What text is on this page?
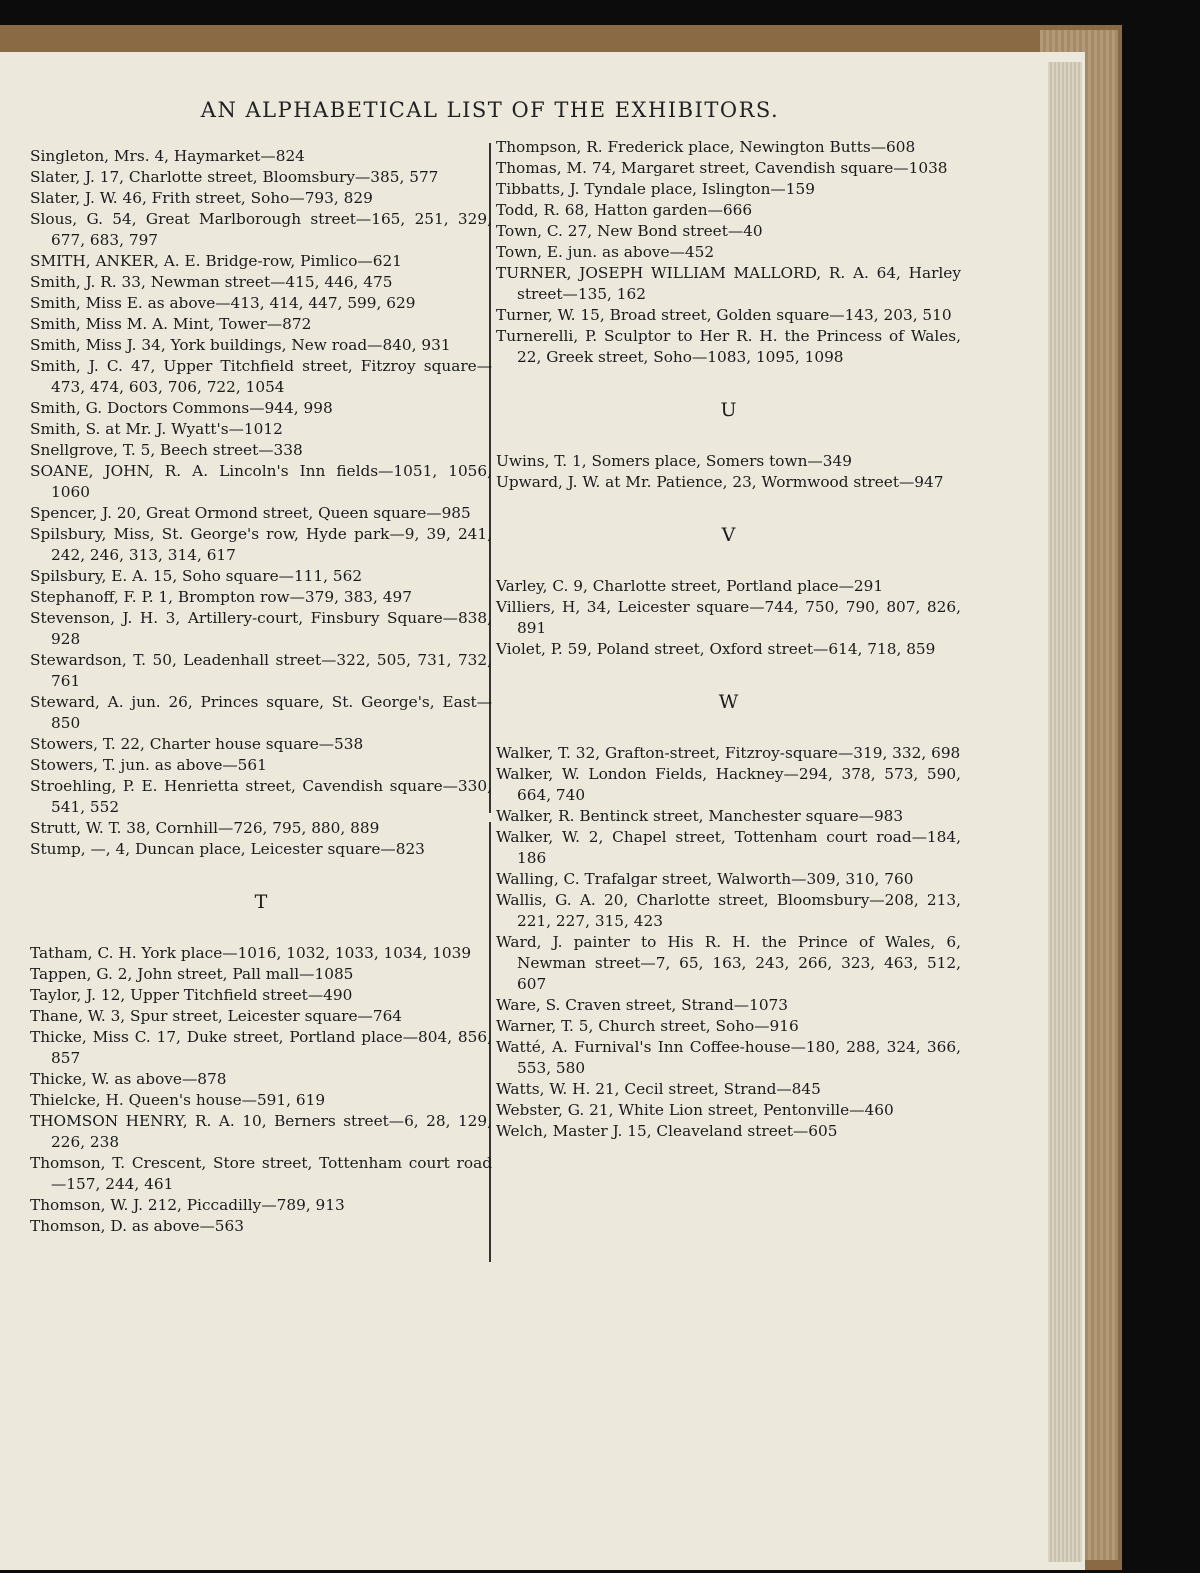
AN ALPHABETICAL LIST OF THE EXHIBITORS.

Singleton, Mrs. 4, Haymarket—824

Slater, J. 17, Charlotte street, Bloomsbury—385, 577

Slater, J. W. 46, Frith street, Soho—793, 829

Slous, G. 54, Great Marlborough street—165, 251, 329, 677, 683, 797

SMITH, ANKER, A. E. Bridge-row, Pimlico—621

Smith, J. R. 33, Newman street—415, 446, 475

Smith, Miss E. as above—413, 414, 447, 599, 629

Smith, Miss M. A. Mint, Tower—872

Smith, Miss J. 34, York buildings, New road—840, 931

Smith, J. C. 47, Upper Titchfield street, Fitzroy square—473, 474, 603, 706, 722, 1054

Smith, G. Doctors Commons—944, 998

Smith, S. at Mr. J. Wyatt's—1012

Snellgrove, T. 5, Beech street—338

SOANE, JOHN, R. A. Lincoln's Inn fields—1051, 1056, 1060

Spencer, J. 20, Great Ormond street, Queen square—985

Spilsbury, Miss, St. George's row, Hyde park—9, 39, 241, 242, 246, 313, 314, 617

Spilsbury, E. A. 15, Soho square—111, 562

Stephanoff, F. P. 1, Brompton row—379, 383, 497

Stevenson, J. H. 3, Artillery-court, Finsbury Square—838, 928

Stewardson, T. 50, Leadenhall street—322, 505, 731, 732, 761

Steward, A. jun. 26, Princes square, St. George's, East—850

Stowers, T. 22, Charter house square—538

Stowers, T. jun. as above—561

Stroehling, P. E. Henrietta street, Cavendish square—330, 541, 552

Strutt, W. T. 38, Cornhill—726, 795, 880, 889

Stump, —, 4, Duncan place, Leicester square—823

T

Tatham, C. H. York place—1016, 1032, 1033, 1034, 1039

Tappen, G. 2, John street, Pall mall—1085

Taylor, J. 12, Upper Titchfield street—490

Thane, W. 3, Spur street, Leicester square—764

Thicke, Miss C. 17, Duke street, Portland place—804, 856, 857

Thicke, W. as above—878

Thielcke, H. Queen's house—591, 619

THOMSON HENRY, R. A. 10, Berners street—6, 28, 129, 226, 238

Thomson, T. Crescent, Store street, Tottenham court road—157, 244, 461

Thomson, W. J. 212, Piccadilly—789, 913

Thomson, D. as above—563

Thompson, R. Frederick place, Newington Butts—608

Thomas, M. 74, Margaret street, Cavendish square—1038

Tibbatts, J. Tyndale place, Islington—159

Todd, R. 68, Hatton garden—666

Town, C. 27, New Bond street—40

Town, E. jun. as above—452

TURNER, JOSEPH WILLIAM MALLORD, R. A. 64, Harley street—135, 162

Turner, W. 15, Broad street, Golden square—143, 203, 510

Turnerelli, P. Sculptor to Her R. H. the Princess of Wales, 22, Greek street, Soho—1083, 1095, 1098

U

Uwins, T. 1, Somers place, Somers town—349

Upward, J. W. at Mr. Patience, 23, Wormwood street—947

V

Varley, C. 9, Charlotte street, Portland place—291

Villiers, H, 34, Leicester square—744, 750, 790, 807, 826, 891

Violet, P. 59, Poland street, Oxford street—614, 718, 859

W

Walker, T. 32, Grafton-street, Fitzroy-square—319, 332, 698

Walker, W. London Fields, Hackney—294, 378, 573, 590, 664, 740

Walker, R. Bentinck street, Manchester square—983

Walker, W. 2, Chapel street, Tottenham court road—184, 186

Walling, C. Trafalgar street, Walworth—309, 310, 760

Wallis, G. A. 20, Charlotte street, Bloomsbury—208, 213, 221, 227, 315, 423

Ward, J. painter to His R. H. the Prince of Wales, 6, Newman street—7, 65, 163, 243, 266, 323, 463, 512, 607

Ware, S. Craven street, Strand—1073

Warner, T. 5, Church street, Soho—916

Watté, A. Furnival's Inn Coffee-house—180, 288, 324, 366, 553, 580

Watts, W. H. 21, Cecil street, Strand—845

Webster, G. 21, White Lion street, Pentonville—460

Welch, Master J. 15, Cleaveland street—605
